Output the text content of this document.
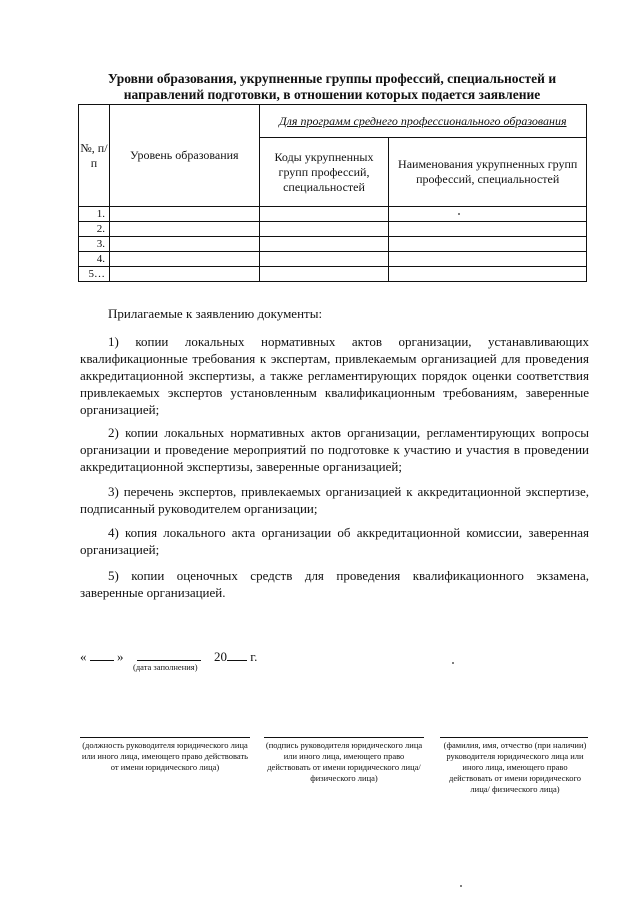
Уровни образования, укрупненные группы профессий, специальностей и
направлений подготовки, в отношении которых подается заявление
№, п/п	Уровень образования	Для программ среднего профессионального образования	
		Коды укрупненных групп профессий, специальностей	Наименования укрупненных групп профессий, специальностей
1.			
2.			
3.			
4.			
5…			

Прилагаемые к заявлению документы:

1) копии локальных нормативных актов организации, устанавливающих квалификационные требования к экспертам, привлекаемым организацией для проведения аккредитационной экспертизы, а также регламентирующих порядок оценки соответствия привлекаемых экспертов установленным квалификационным требованиям, заверенные организацией;

2) копии локальных нормативных актов организации, регламентирующих вопросы организации и проведение мероприятий по подготовке к участию и участия в проведении аккредитационной экспертизы, заверенные организацией;

3) перечень экспертов, привлекаемых организацией к аккредитационной экспертизе, подписанный руководителем организации;

4) копия локального акта организации об аккредитационной комиссии, заверенная организацией;

5) копии оценочных средств для проведения квалификационного экзамена, заверенные организацией.

« »	20 г.
(дата заполнения)
(должность руководителя юридического лица или иного лица, имеющего право действовать от имени юридического лица)
(подпись руководителя юридического лица или иного лица, имеющего право действовать от имени юридического лица/ физического лица)
(фамилия, имя, отчество (при наличии) руководителя юридического лица или иного лица, имеющего право действовать от имени юридического лица/ физического лица)
